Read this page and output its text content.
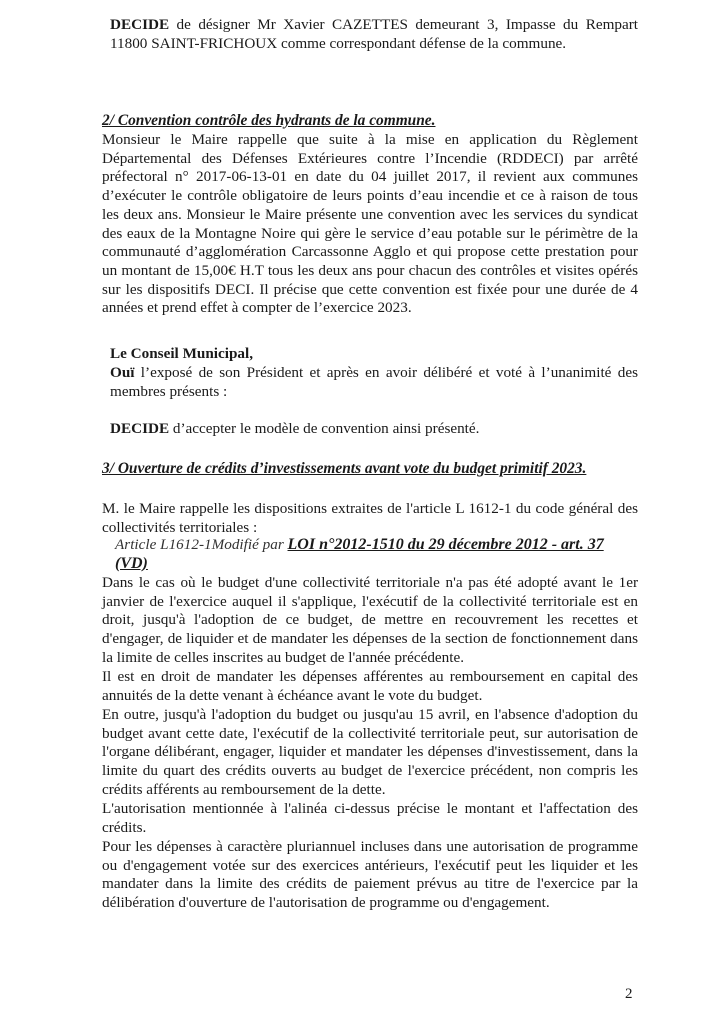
DECIDE de désigner Mr Xavier CAZETTES demeurant 3, Impasse du Rempart 11800 SAINT-FRICHOUX comme correspondant défense de la commune.

2/ Convention contrôle des hydrants de la commune.

Monsieur le Maire rappelle que suite à la mise en application du Règlement Départemental des Défenses Extérieures contre l’Incendie (RDDECI) par arrêté préfectoral n° 2017-06-13-01 en date du 04 juillet 2017, il revient aux communes d’exécuter le contrôle obligatoire de leurs points d’eau incendie et ce à raison de tous les deux ans. Monsieur le Maire présente une convention avec les services du syndicat des eaux de la Montagne Noire qui gère le service d’eau potable sur le périmètre de la communauté d’agglomération Carcassonne Agglo et qui propose cette prestation pour un montant de 15,00€ H.T tous les deux ans pour chacun des contrôles et visites opérés sur les dispositifs DECI. Il précise que cette convention est fixée pour une durée de 4 années et prend effet à compter de l’exercice 2023.

Le Conseil Municipal,

Ouï l’exposé de son Président et après en avoir délibéré et voté à l’unanimité des membres présents :

DECIDE d’accepter le modèle de convention ainsi présenté.

3/ Ouverture de crédits d’investissements avant vote du budget primitif 2023.

M. le Maire rappelle les dispositions extraites de l'article L 1612-1 du code général des collectivités territoriales :

Article L1612-1Modifié par LOI n°2012-1510 du 29 décembre 2012 - art. 37 (VD)

Dans le cas où le budget d'une collectivité territoriale n'a pas été adopté avant le 1er janvier de l'exercice auquel il s'applique, l'exécutif de la collectivité territoriale est en droit, jusqu'à l'adoption de ce budget, de mettre en recouvrement les recettes et d'engager, de liquider et de mandater les dépenses de la section de fonctionnement dans la limite de celles inscrites au budget de l'année précédente.

Il est en droit de mandater les dépenses afférentes au remboursement en capital des annuités de la dette venant à échéance avant le vote du budget.

En outre, jusqu'à l'adoption du budget ou jusqu'au 15 avril, en l'absence d'adoption du budget avant cette date, l'exécutif de la collectivité territoriale peut, sur autorisation de l'organe délibérant, engager, liquider et mandater les dépenses d'investissement, dans la limite du quart des crédits ouverts au budget de l'exercice précédent, non compris les crédits afférents au remboursement de la dette.

L'autorisation mentionnée à l'alinéa ci-dessus précise le montant et l'affectation des crédits.

Pour les dépenses à caractère pluriannuel incluses dans une autorisation de programme ou d'engagement votée sur des exercices antérieurs, l'exécutif peut les liquider et les mandater dans la limite des crédits de paiement prévus au titre de l'exercice par la délibération d'ouverture de l'autorisation de programme ou d'engagement.

2
